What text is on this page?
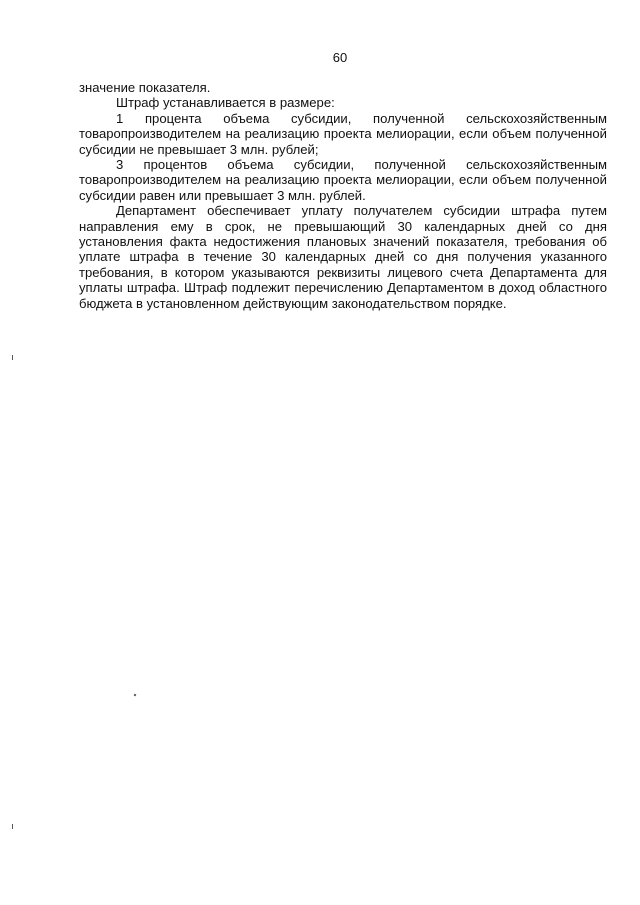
60

значение показателя.

Штраф устанавливается в размере:

1 процента объема субсидии, полученной сельскохозяйственным товаропроизводителем на реализацию проекта мелиорации, если объем полученной субсидии не превышает 3 млн. рублей;

3 процентов объема субсидии, полученной сельскохозяйственным товаропроизводителем на реализацию проекта мелиорации, если объем полученной субсидии равен или превышает 3 млн. рублей.

Департамент обеспечивает уплату получателем субсидии штрафа путем направления ему в срок, не превышающий 30 календарных дней со дня установления факта недостижения плановых значений показателя, требования об уплате штрафа в течение 30 календарных дней со дня получения указанного требования, в котором указываются реквизиты лицевого счета Департамента для уплаты штрафа. Штраф подлежит перечислению Департаментом в доход областного бюджета в установленном действующим законодательством порядке.
